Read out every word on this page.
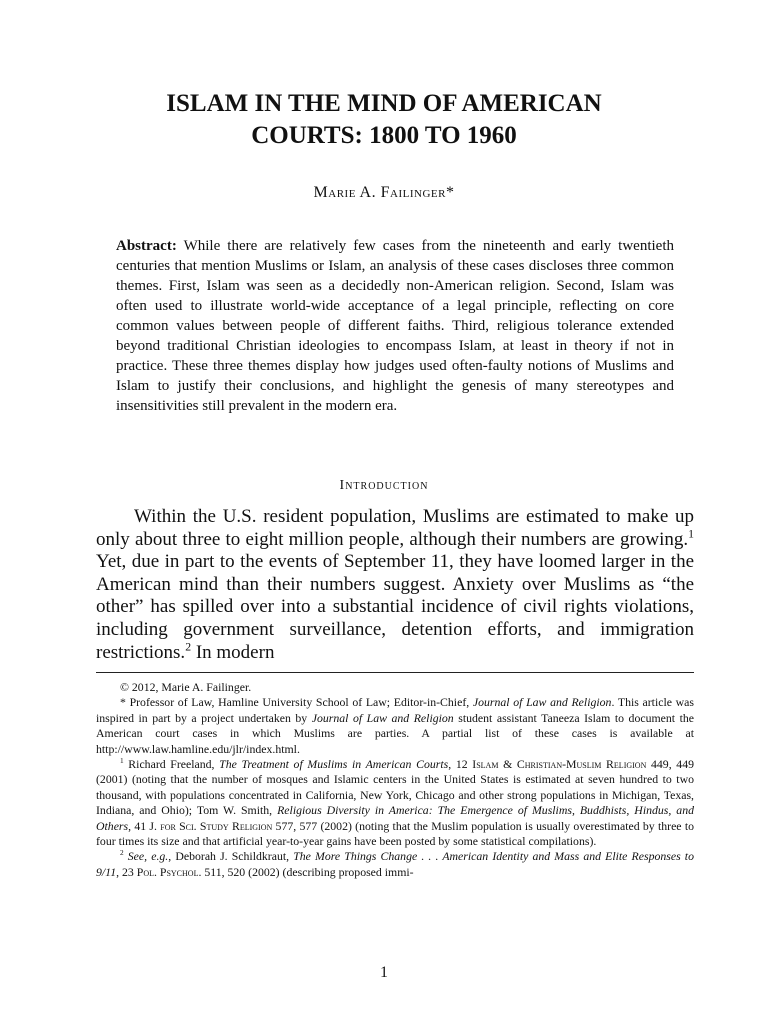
ISLAM IN THE MIND OF AMERICAN
COURTS: 1800 TO 1960
Marie A. Failinger*
Abstract: While there are relatively few cases from the nineteenth and early twentieth centuries that mention Muslims or Islam, an analysis of these cases discloses three common themes. First, Islam was seen as a decidedly non-American religion. Second, Islam was often used to illustrate world-wide acceptance of a legal principle, reflecting on core common values between people of different faiths. Third, religious tolerance extended beyond traditional Christian ideologies to encompass Islam, at least in theory if not in practice. These three themes display how judges used often-faulty notions of Muslims and Islam to justify their conclusions, and highlight the genesis of many stereotypes and insensitivities still prevalent in the modern era.
Introduction
Within the U.S. resident population, Muslims are estimated to make up only about three to eight million people, although their numbers are growing.$^1$ Yet, due in part to the events of September 11, they have loomed larger in the American mind than their numbers suggest. Anxiety over Muslims as “the other” has spilled over into a substantial incidence of civil rights violations, including government surveillance, detention efforts, and immigration restrictions.$^2$ In modern

© 2012, Marie A. Failinger.

* Professor of Law, Hamline University School of Law; Editor-in-Chief, Journal of Law and Religion. This article was inspired in part by a project undertaken by Journal of Law and Religion student assistant Taneeza Islam to document the American court cases in which Muslims are parties. A partial list of these cases is available at http://www.law.hamline.edu/jlr/index.html.

$^1$ Richard Freeland, The Treatment of Muslims in American Courts, 12 Islam & Christian-Muslim Religion 449, 449 (2001) (noting that the number of mosques and Islamic centers in the United States is estimated at seven hundred to two thousand, with populations concentrated in California, New York, Chicago and other strong populations in Michigan, Texas, Indiana, and Ohio); Tom W. Smith, Religious Diversity in America: The Emergence of Muslims, Buddhists, Hindus, and Others, 41 J. for Sci. Study Religion 577, 577 (2002) (noting that the Muslim population is usually overestimated by three to four times its size and that artificial year-to-year gains have been posted by some statistical compilations).

$^2$ See, e.g., Deborah J. Schildkraut, The More Things Change . . . American Identity and Mass and Elite Responses to 9/11, 23 Pol. Psychol. 511, 520 (2002) (describing proposed immi-

1
